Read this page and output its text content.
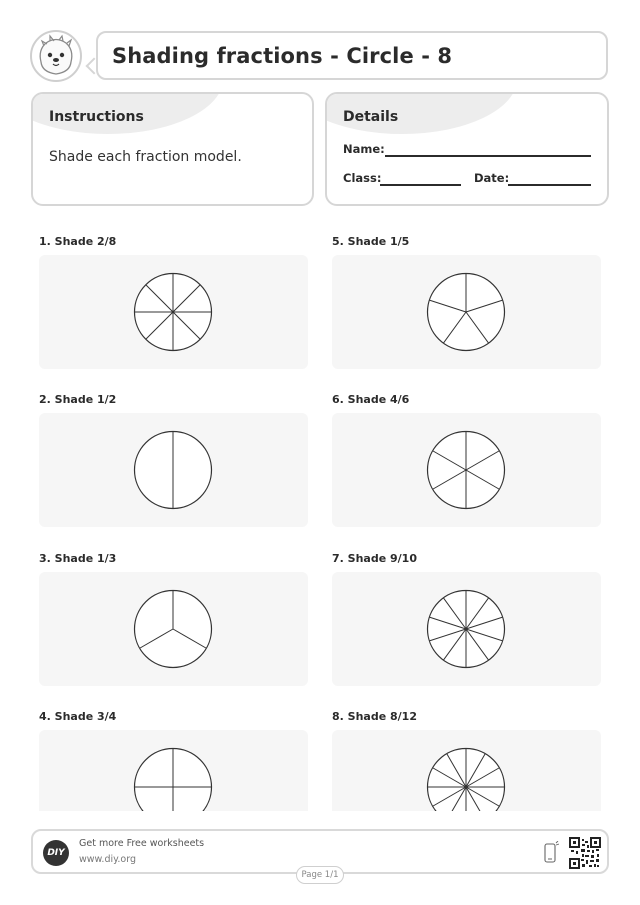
Shading fractions - Circle - 8
Instructions
Shade each fraction model.
Details
Name:
Class:	Date:
1. Shade 2/8
2. Shade 1/2
3. Shade 1/3
4. Shade 3/4
5. Shade 1/5
6. Shade 4/6
7. Shade 9/10
8. Shade 8/12
DIY
Get more Free worksheets
www.diy.org
Page 1/1
